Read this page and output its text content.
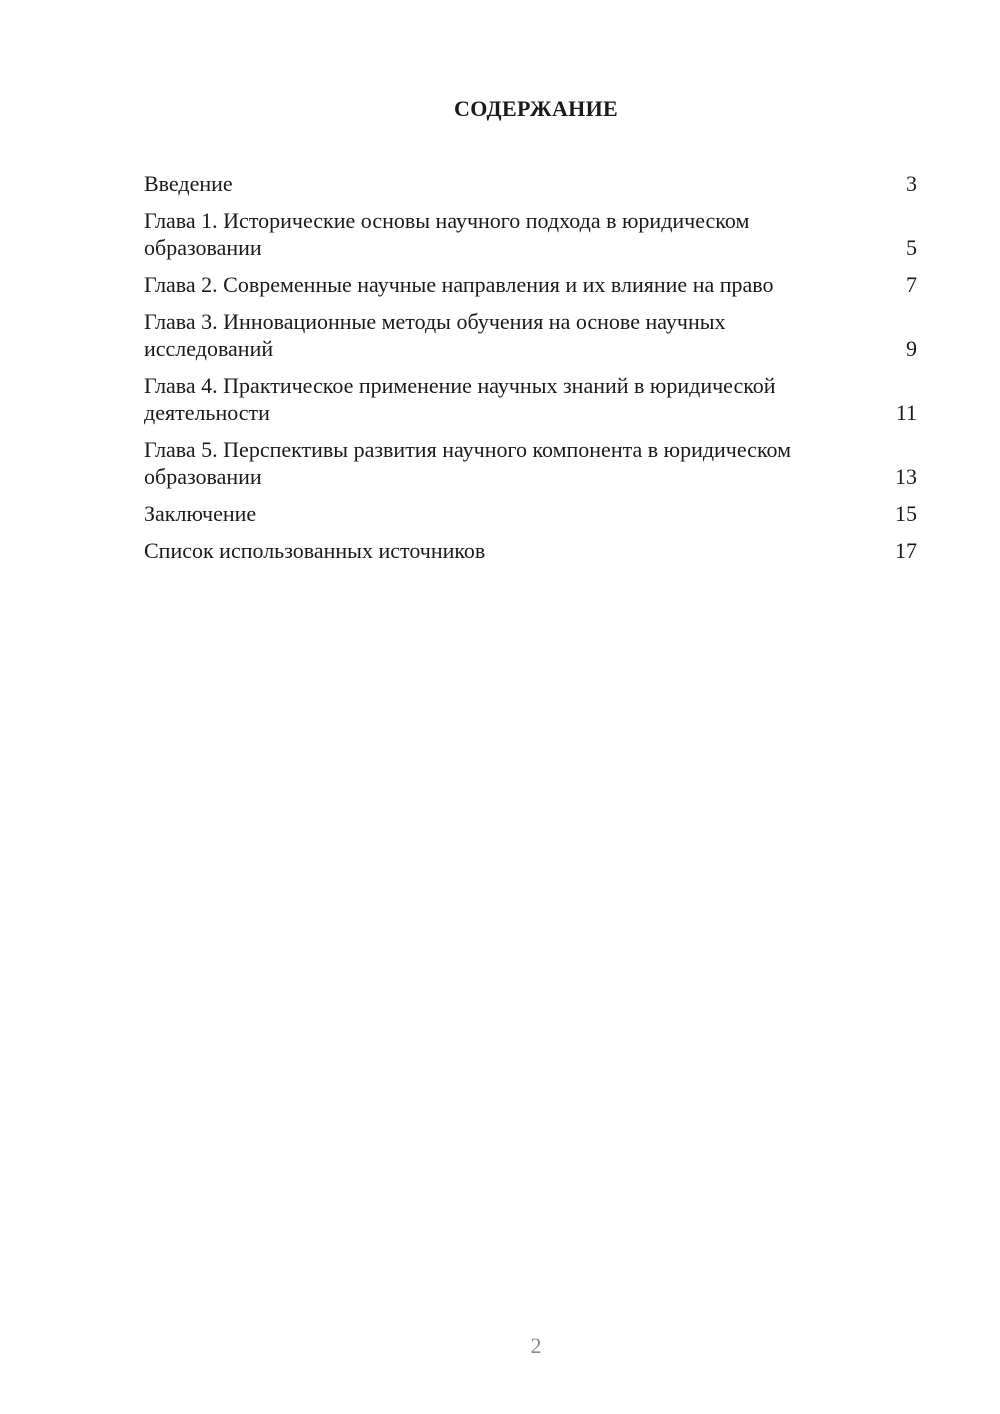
СОДЕРЖАНИЕ
Введение	3
Глава 1. Исторические основы научного подхода в юридическом образовании	5
Глава 2. Современные научные направления и их влияние на право	7
Глава 3. Инновационные методы обучения на основе научных исследований	9
Глава 4. Практическое применение научных знаний в юридической деятельности	11
Глава 5. Перспективы развития научного компонента в юридическом образовании	13
Заключение	15
Список использованных источников	17
2
